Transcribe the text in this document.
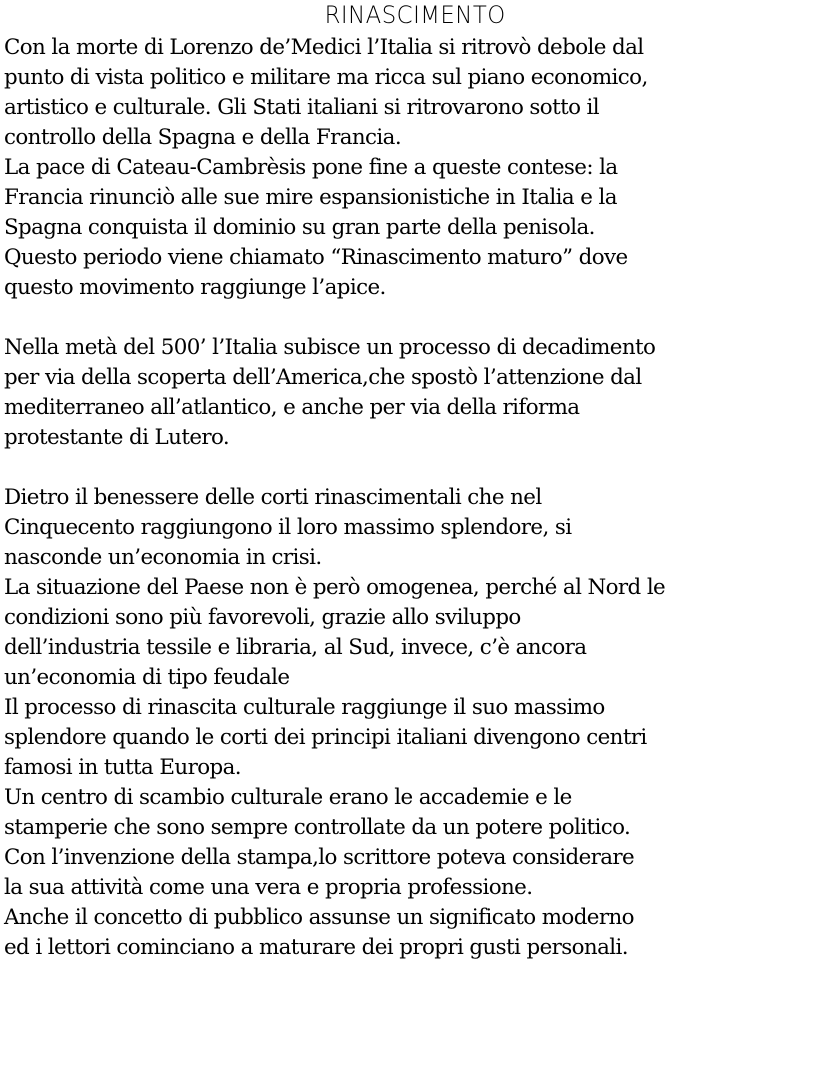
RINASCIMENTO
Con la morte di Lorenzo de’Medici l’Italia si ritrovò debole dal
punto di vista politico e militare ma ricca sul piano economico,
artistico e culturale. Gli Stati italiani si ritrovarono sotto il
controllo della Spagna e della Francia.
La pace di Cateau-Cambrèsis pone fine a queste contese: la
Francia rinunciò alle sue mire espansionistiche in Italia e la
Spagna conquista il dominio su gran parte della penisola.
Questo periodo viene chiamato “Rinascimento maturo” dove
questo movimento raggiunge l’apice.
Nella metà del 500’ l’Italia subisce un processo di decadimento
per via della scoperta dell’America,che spostò l’attenzione dal
mediterraneo all’atlantico, e anche per via della riforma
protestante di Lutero.
Dietro il benessere delle corti rinascimentali che nel
Cinquecento raggiungono il loro massimo splendore, si
nasconde un’economia in crisi.
La situazione del Paese non è però omogenea, perché al Nord le
condizioni sono più favorevoli, grazie allo sviluppo
dell’industria tessile e libraria, al Sud, invece, c’è ancora
un’economia di tipo feudale
Il processo di rinascita culturale raggiunge il suo massimo
splendore quando le corti dei principi italiani divengono centri
famosi in tutta Europa.
Un centro di scambio culturale erano le accademie e le
stamperie che sono sempre controllate da un potere politico.
Con l’invenzione della stampa,lo scrittore poteva considerare
la sua attività come una vera e propria professione.
Anche il concetto di pubblico assunse un significato moderno
ed i lettori cominciano a maturare dei propri gusti personali.
